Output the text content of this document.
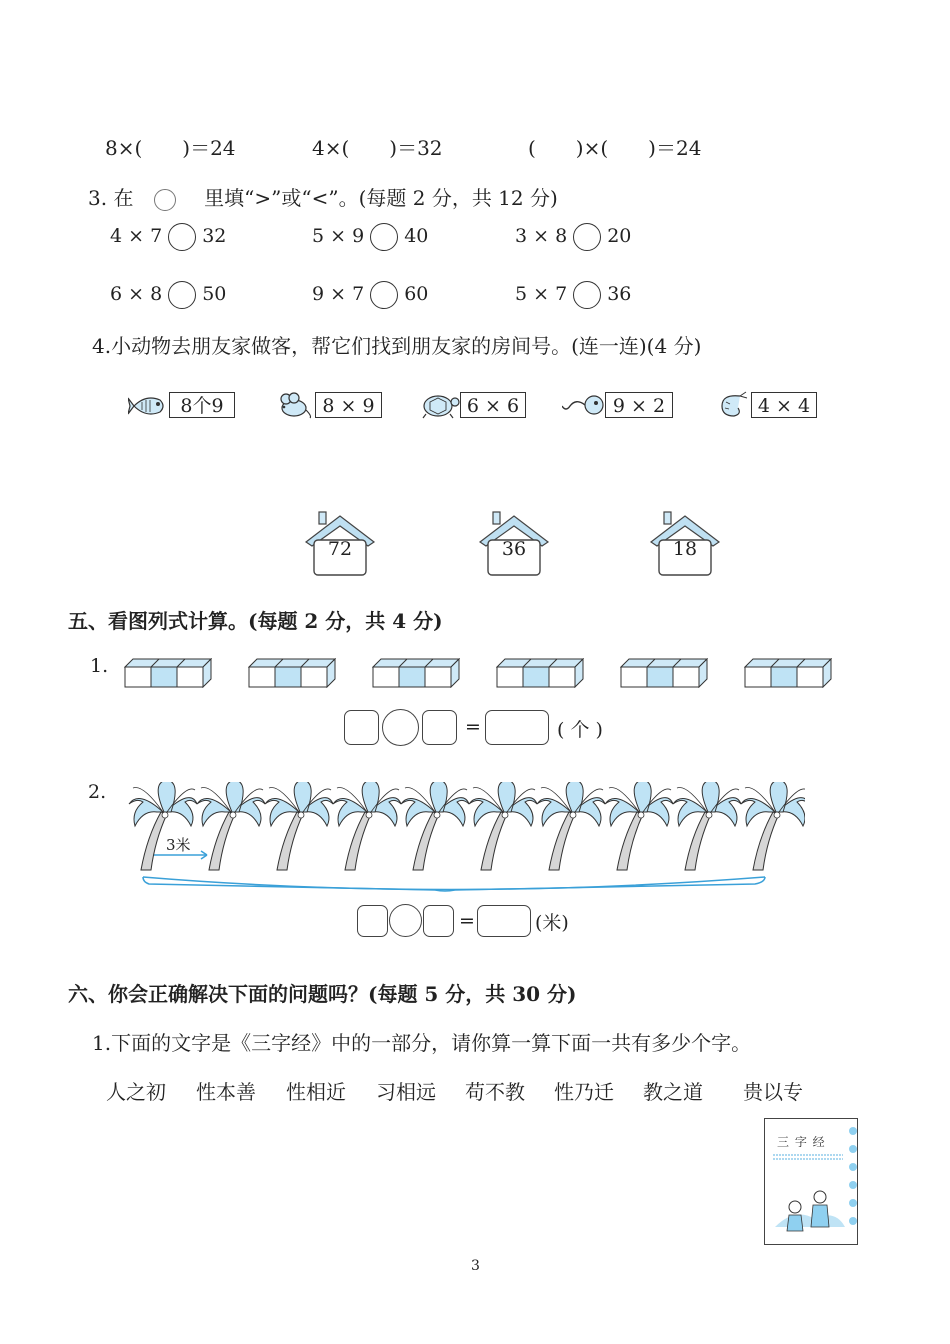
8×(　　)＝24	4×(　　)＝32	(　　)×(　　)＝24
3. 在	里填“>”或“<”。(每题 2 分，共 12 分)
4 × 7 32	5 × 9 40	3 × 8 20
6 × 8 50	9 × 7 60	5 × 7 36
4.小动物去朋友家做客，帮它们找到朋友家的房间号。(连一连)(4 分)
8个9	8 × 9	6 × 6	9 × 2	4 × 4
72	36	18
五、看图列式计算。(每题 2 分，共 4 分)
1.
=	( 个 )
2.
3米
=	(米)
六、你会正确解决下面的问题吗？(每题 5 分，共 30 分)
1.下面的文字是《三字经》中的一部分，请你算一算下面一共有多少个字。
人之初 性本善 性相近 习相远 苟不教 性乃迁 教之道 贵以专
三 字 经
3
